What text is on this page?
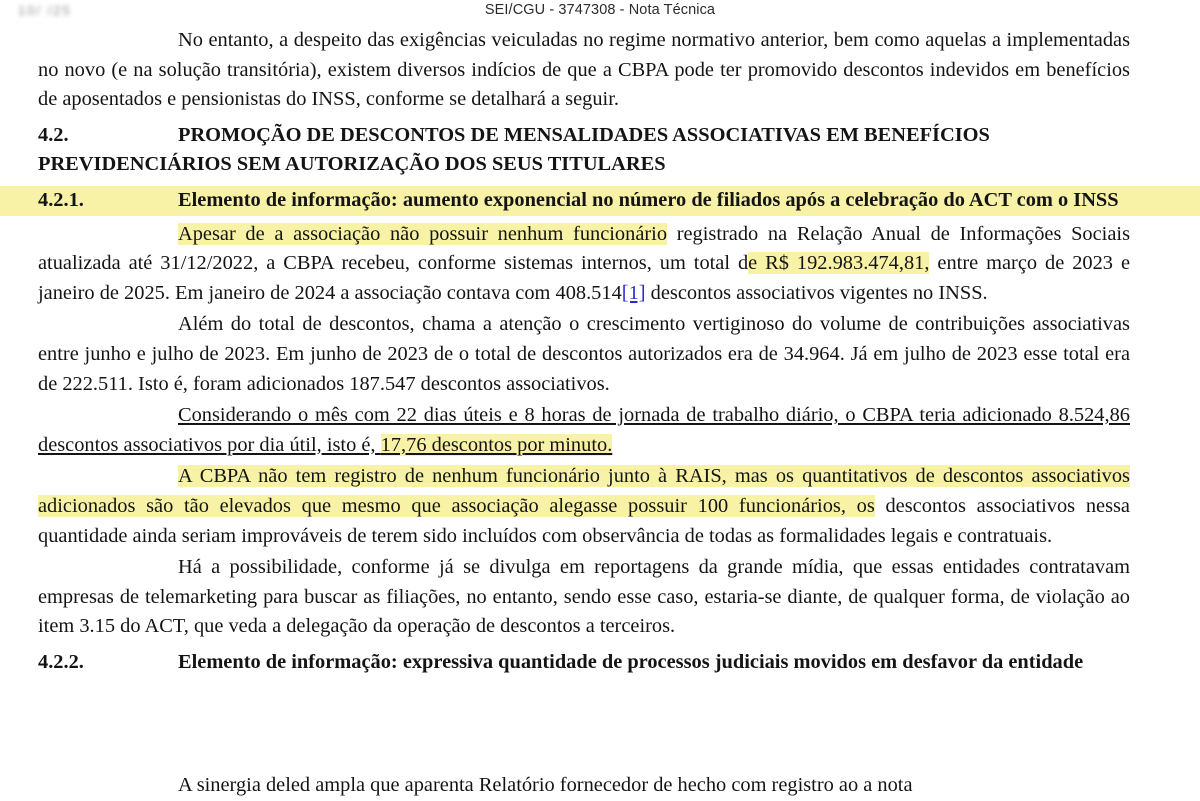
10/ /25	SEI/CGU - 3747308 - Nota Técnica

No entanto, a despeito das exigências veiculadas no regime normativo anterior, bem como aquelas a implementadas no novo (e na solução transitória), existem diversos indícios de que a CBPA pode ter promovido descontos indevidos em benefícios de aposentados e pensionistas do INSS, conforme se detalhará a seguir.

4.2.	PROMOÇÃO DE DESCONTOS DE MENSALIDADES ASSOCIATIVAS EM BENEFÍCIOS PREVIDENCIÁRIOS SEM AUTORIZAÇÃO DOS SEUS TITULARES
4.2.1.	Elemento de informação: aumento exponencial no número de filiados após a celebração do ACT com o INSS

Apesar de a associação não possuir nenhum funcionário registrado na Relação Anual de Informações Sociais atualizada até 31/12/2022, a CBPA recebeu, conforme sistemas internos, um total de R$ 192.983.474,81, entre março de 2023 e janeiro de 2025. Em janeiro de 2024 a associação contava com 408.514[1] descontos associativos vigentes no INSS.

Além do total de descontos, chama a atenção o crescimento vertiginoso do volume de contribuições associativas entre junho e julho de 2023. Em junho de 2023 de o total de descontos autorizados era de 34.964. Já em julho de 2023 esse total era de 222.511. Isto é, foram adicionados 187.547 descontos associativos.

Considerando o mês com 22 dias úteis e 8 horas de jornada de trabalho diário, o CBPA teria adicionado 8.524,86 descontos associativos por dia útil, isto é, 17,76 descontos por minuto.

A CBPA não tem registro de nenhum funcionário junto à RAIS, mas os quantitativos de descontos associativos adicionados são tão elevados que mesmo que associação alegasse possuir 100 funcionários, os descontos associativos nessa quantidade ainda seriam improváveis de terem sido incluídos com observância de todas as formalidades legais e contratuais.

Há a possibilidade, conforme já se divulga em reportagens da grande mídia, que essas entidades contratavam empresas de telemarketing para buscar as filiações, no entanto, sendo esse caso, estaria-se diante, de qualquer forma, de violação ao item 3.15 do ACT, que veda a delegação da operação de descontos a terceiros.

4.2.2.	Elemento de informação: expressiva quantidade de processos judiciais movidos em desfavor da entidade
A sinergia deled ampla que aparenta Relatório fornecedor de hecho com registro ao a nota
